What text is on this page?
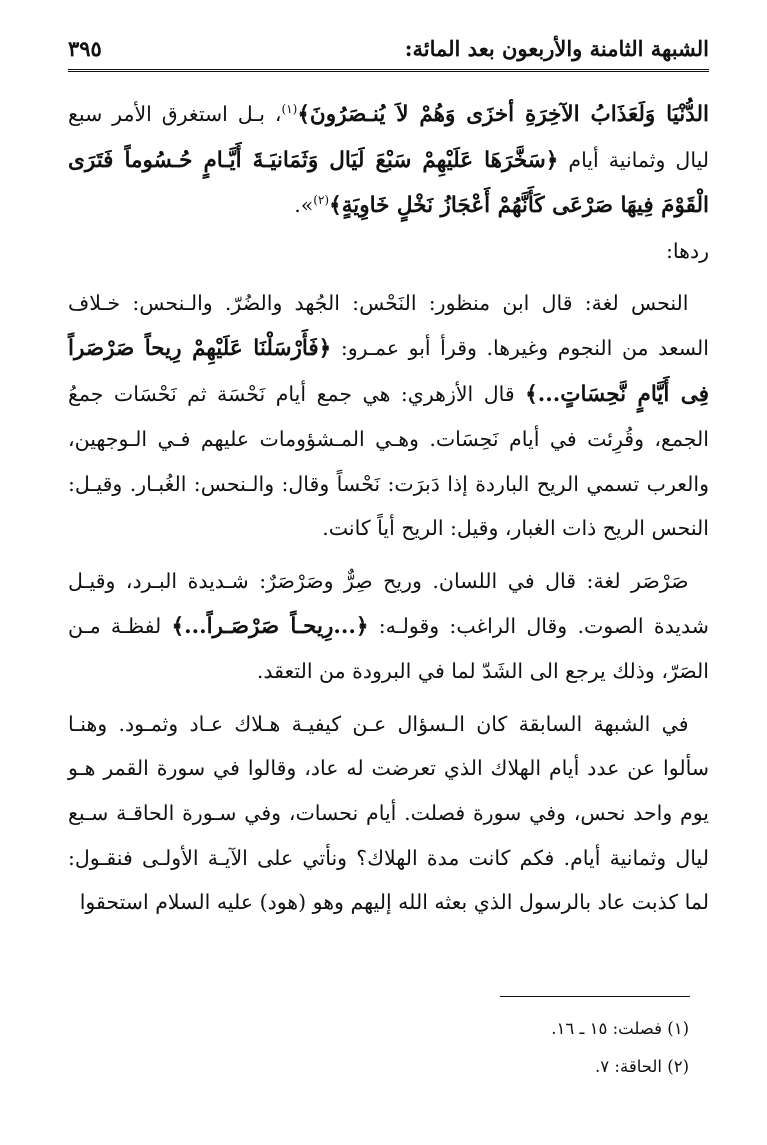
الشبهة الثامنة والأربعون بعد المائة:
٣٩٥

الدُّنْيَا وَلَعَذَابُ الآخِرَةِ أخزَى وَهُمْ لاَ يُنـصَرُونَ﴾$^{(١)}$، بـل استغرق الأمر سبع ليال وثمانية أيام ﴿سَخَّرَهَا عَلَيْهِمْ سَبْعَ لَيَال وَثَمَانيَـةَ أَيَّـامٍ حُـسُوماً فَتَرَى الْقَوْمَ فِيهَا صَرْعَى كَأَنَّهُمْ أَعْجَازُ نَخْلٍ خَاوِيَةٍ﴾$^{(٢)}$».

ردها:

 النحس لغة: قال ابن منظور: النَحْس: الجُهد والضُرّ. والـنحس: خـلاف السعد من النجوم وغيرها. وقرأ أبو عمـرو: ﴿فَأَرْسَلْنَا عَلَيْهِمْ رِيحاً صَرْصَراً فِى أَيَّامٍ نَّحِسَاتٍ...﴾ قال الأزهري: هي جمع أيام نَحْسَة ثم نَحْسَات جمعُ الجمع، وقُرِئت في أيام نَحِسَات. وهـي المـشؤومات عليهم فـي الـوجهين، والعرب تسمي الريح الباردة إذا دَبرَت: نَحْساً وقال: والـنحس: الغُبـار. وقيـل: النحس الريح ذات الغبار، وقيل: الريح أياً كانت.

 صَرْصَر لغة: قال في اللسان. وريح صِرٌّ وصَرْصَرٌ: شـديدة البـرد، وقيـل شديدة الصوت. وقال الراغب: وقولـه: ﴿...رِيحـاً صَرْصَـراً...﴾ لفظـة مـن الصَرّ، وذلك يرجع الى الشَدّ لما في البرودة من التعقد.

 في الشبهة السابقة كان الـسؤال عـن كيفيـة هـلاك عـاد وثمـود. وهنـا سألوا عن عدد أيام الهلاك الذي تعرضت له عاد، وقالوا في سورة القمر هـو يوم واحد نحس، وفي سورة فصلت. أيام نحسات، وفي سـورة الحاقـة سـبع ليال وثمانية أيام. فكم كانت مدة الهلاك؟ ونأتي على الآيـة الأولـى فنقـول: لما كذبت عاد بالرسول الذي بعثه الله إليهم وهو (هود) عليه السلام استحقوا

(١) فصلت: ١٥ ـ ١٦.

(٢) الحاقة: ٧.
